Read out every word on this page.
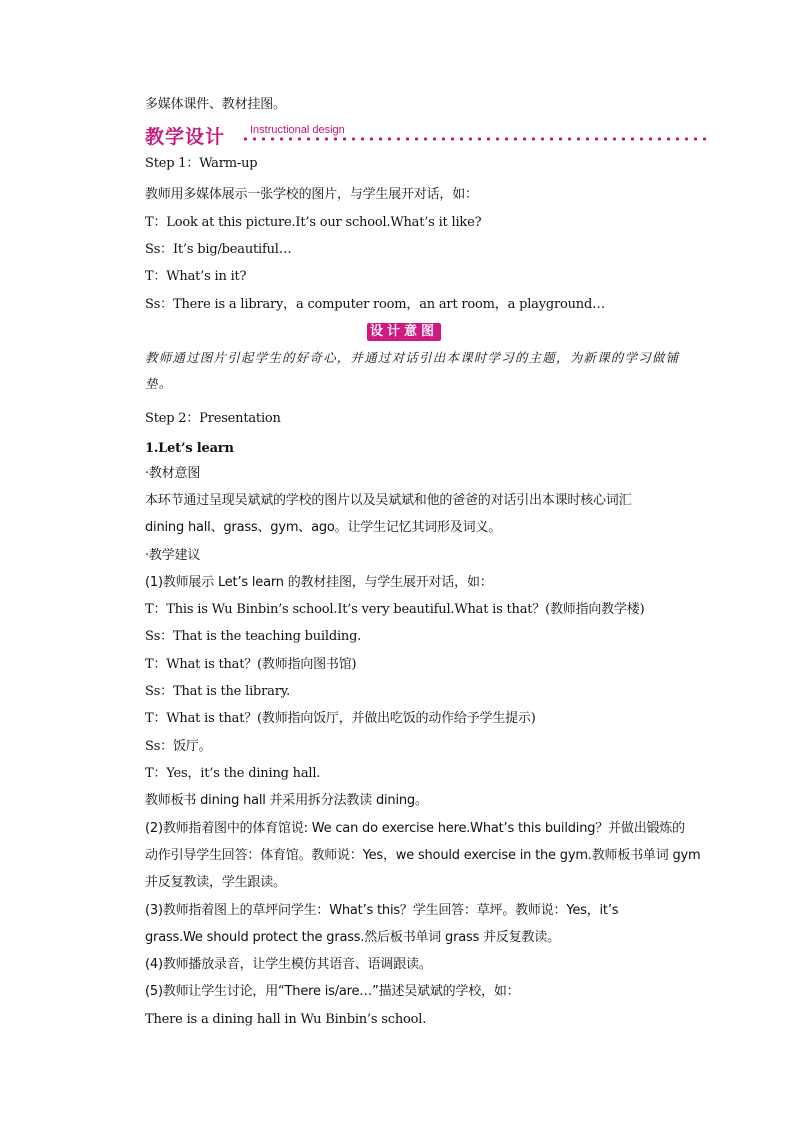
多媒体课件、教材挂图。
教学设计 Instructional design
Step 1：Warm-up
教师用多媒体展示一张学校的图片，与学生展开对话，如：
T：Look at this picture.It’s our school.What’s it like?
Ss：It’s big/beautiful…
T：What’s in it?
Ss：There is a library，a computer room，an art room，a playground…
设计意图
教师通过图片引起学生的好奇心，并通过对话引出本课时学习的主题，为新课的学习做铺垫。
Step 2：Presentation
1.Let’s learn
·教材意图
本环节通过呈现吴斌斌的学校的图片以及吴斌斌和他的爸爸的对话引出本课时核心词汇
dining hall、grass、gym、ago。让学生记忆其词形及词义。
·教学建议
(1)教师展示 Let’s learn 的教材挂图，与学生展开对话，如：
T：This is Wu Binbin’s school.It’s very beautiful.What is that？(教师指向教学楼)
Ss：That is the teaching building.
T：What is that？(教师指向图书馆)
Ss：That is the library.
T：What is that？(教师指向饭厅，并做出吃饭的动作给予学生提示)
Ss：饭厅。
T：Yes，it’s the dining hall.
教师板书 dining hall 并采用拆分法教读 dining。
(2)教师指着图中的体育馆说: We can do exercise here.What’s this building？并做出锻炼的
动作引导学生回答：体育馆。教师说：Yes，we should exercise in the gym.教师板书单词 gym
并反复教读，学生跟读。
(3)教师指着图上的草坪问学生：What’s this？学生回答：草坪。教师说：Yes，it’s
grass.We should protect the grass.然后板书单词 grass 并反复教读。
(4)教师播放录音，让学生模仿其语音、语调跟读。
(5)教师让学生讨论，用“There is/are…”描述吴斌斌的学校，如：
There is a dining hall in Wu Binbin’s school.
